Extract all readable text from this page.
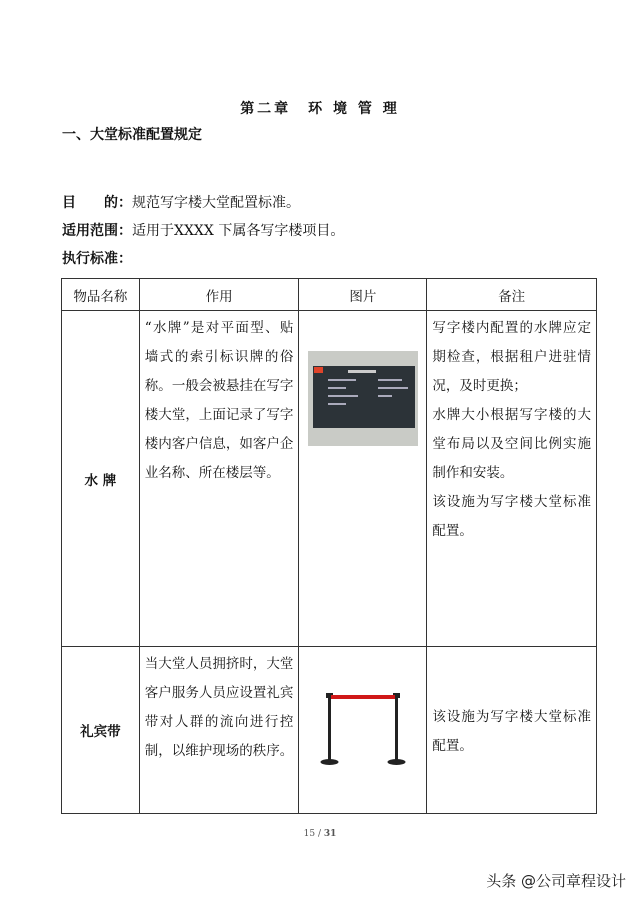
第二章　环 境 管 理
一、大堂标准配置规定
目　　的：规范写字楼大堂配置标准。
适用范围：适用于XXXX 下属各写字楼项目。
执行标准：
物品名称	作用	图片	备注
水 牌	“水牌”是对平面型、贴墙式的索引标识牌的俗称。一般会被悬挂在写字楼大堂，上面记录了写字楼内客户信息，如客户企业名称、所在楼层等。		写字楼内配置的水牌应定期检查，根据租户进驻情况，及时更换；
水牌大小根据写字楼的大堂布局以及空间比例实施制作和安装。
该设施为写字楼大堂标准配置。

礼宾带	当大堂人员拥挤时，大堂客户服务人员应设置礼宾带对人群的流向进行控制，以维护现场的秩序。		该设施为写字楼大堂标准配置。
15 / 31
头条 @公司章程设计
